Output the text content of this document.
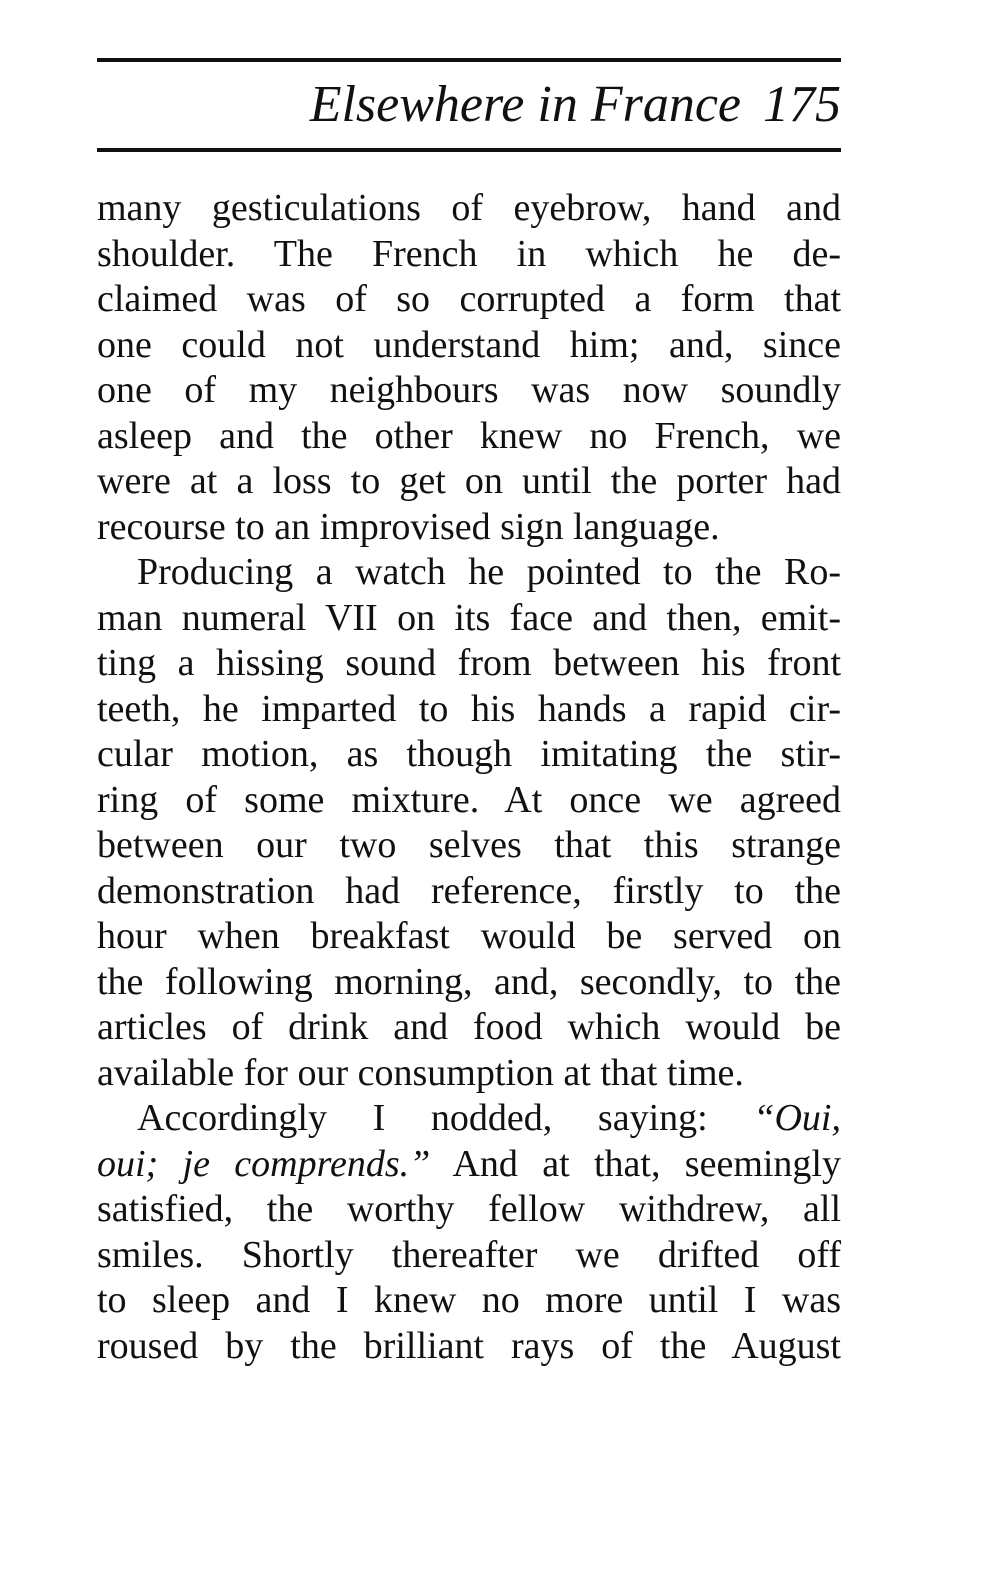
Elsewhere in France 175
many gesticulations of eyebrow, hand and
shoulder. The French in which he de-
claimed was of so corrupted a form that
one could not understand him; and, since
one of my neighbours was now soundly
asleep and the other knew no French, we
were at a loss to get on until the porter had
recourse to an improvised sign language.
Producing a watch he pointed to the Ro-
man numeral VII on its face and then, emit-
ting a hissing sound from between his front
teeth, he imparted to his hands a rapid cir-
cular motion, as though imitating the stir-
ring of some mixture. At once we agreed
between our two selves that this strange
demonstration had reference, firstly to the
hour when breakfast would be served on
the following morning, and, secondly, to the
articles of drink and food which would be
available for our consumption at that time.
Accordingly I nodded, saying: “Oui,
oui; je comprends.” And at that, seemingly
satisfied, the worthy fellow withdrew, all
smiles. Shortly thereafter we drifted off
to sleep and I knew no more until I was
roused by the brilliant rays of the August
